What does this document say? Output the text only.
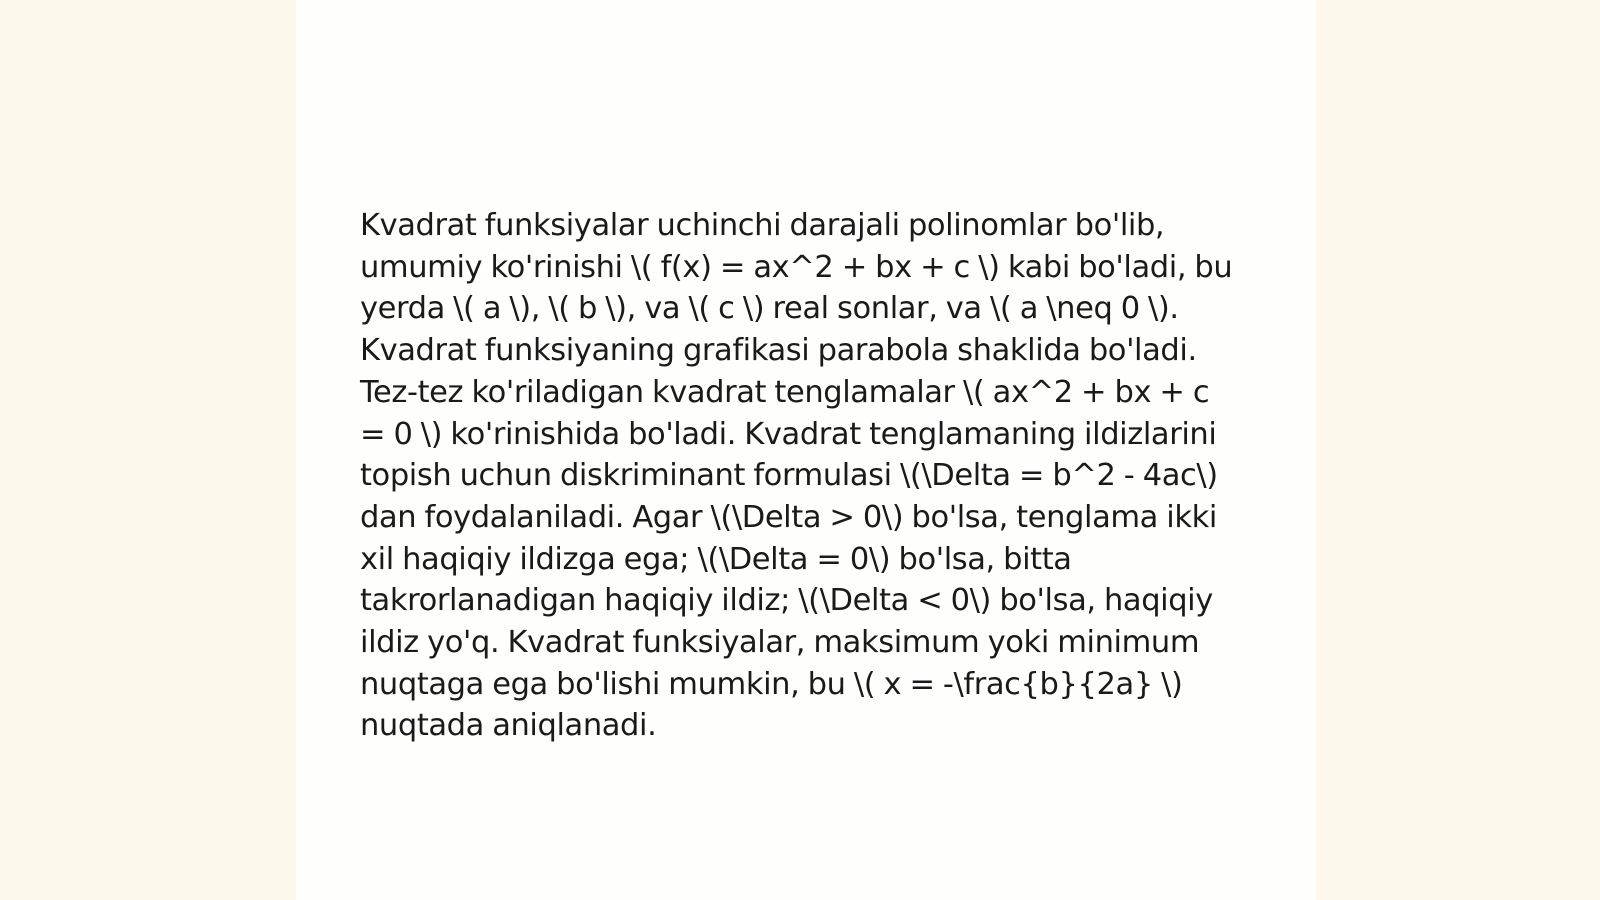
Kvadrat funksiyalar uchinchi darajali polinomlar bo'lib, umumiy ko'rinishi \( f(x) = ax^2 + bx + c \) kabi bo'ladi, bu yerda \( a \), \( b \), va \( c \) real sonlar, va \( a \neq 0 \). Kvadrat funksiyaning grafikasi parabola shaklida bo'ladi. Tez-tez ko'riladigan kvadrat tenglamalar \( ax^2 + bx + c = 0 \) ko'rinishida bo'ladi. Kvadrat tenglamaning ildizlarini topish uchun diskriminant formulasi \(\Delta = b^2 - 4ac\) dan foydalaniladi. Agar \(\Delta > 0\) bo'lsa, tenglama ikki xil haqiqiy ildizga ega; \(\Delta = 0\) bo'lsa, bitta takrorlanadigan haqiqiy ildiz; \(\Delta < 0\) bo'lsa, haqiqiy ildiz yo'q. Kvadrat funksiyalar, maksimum yoki minimum nuqtaga ega bo'lishi mumkin, bu \( x = -\frac{b}{2a} \) nuqtada aniqlanadi.
